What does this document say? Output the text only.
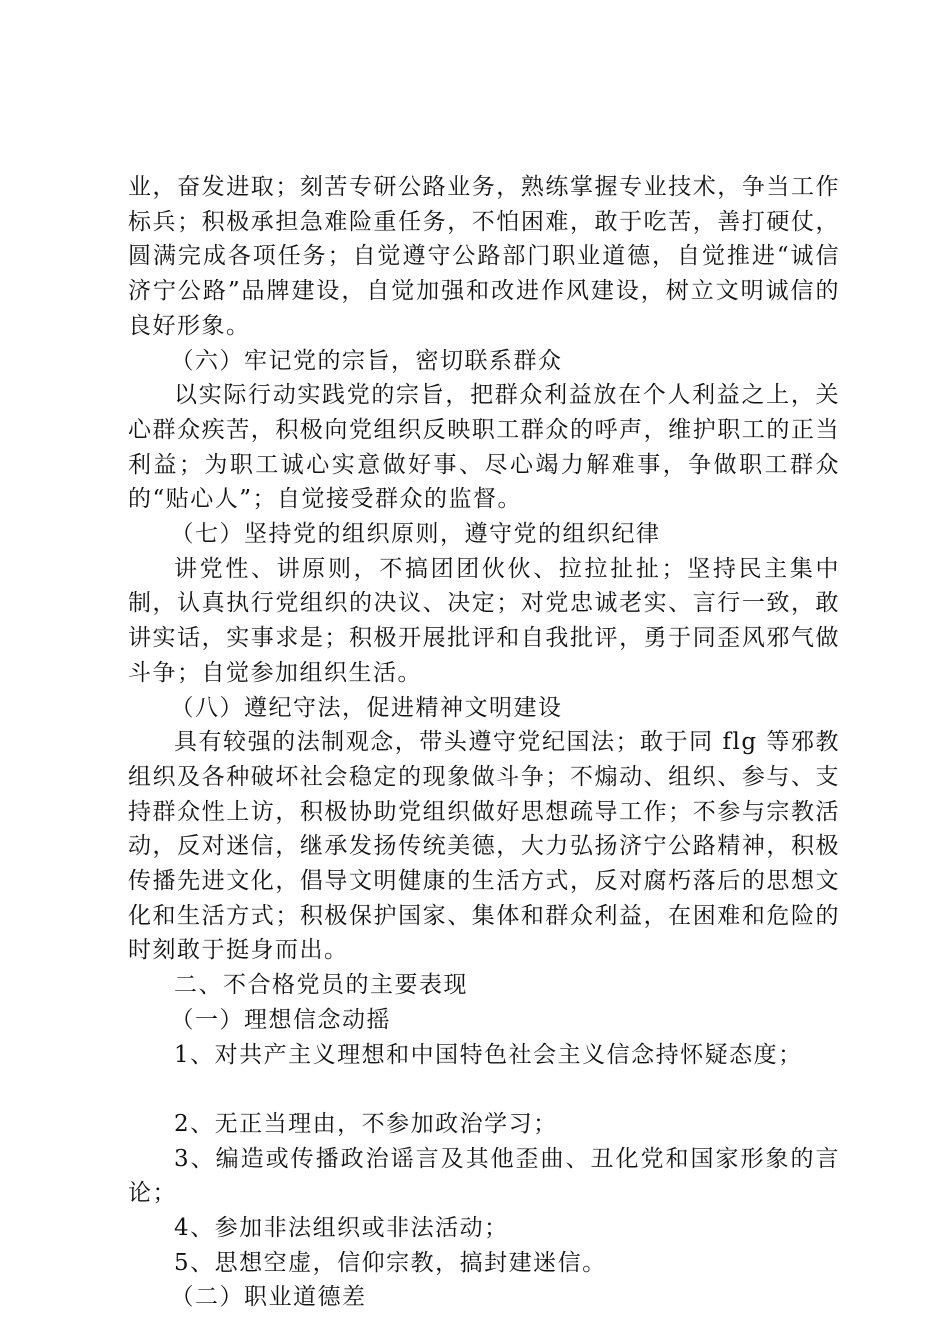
业，奋发进取；刻苦专研公路业务，熟练掌握专业技术，争当工作标兵；积极承担急难险重任务，不怕困难，敢于吃苦，善打硬仗，圆满完成各项任务；自觉遵守公路部门职业道德，自觉推进“诚信济宁公路”品牌建设，自觉加强和改进作风建设，树立文明诚信的良好形象。

（六）牢记党的宗旨，密切联系群众

以实际行动实践党的宗旨，把群众利益放在个人利益之上，关心群众疾苦，积极向党组织反映职工群众的呼声，维护职工的正当利益；为职工诚心实意做好事、尽心竭力解难事，争做职工群众的“贴心人”；自觉接受群众的监督。

（七）坚持党的组织原则，遵守党的组织纪律

讲党性、讲原则，不搞团团伙伙、拉拉扯扯；坚持民主集中制，认真执行党组织的决议、决定；对党忠诚老实、言行一致，敢讲实话，实事求是；积极开展批评和自我批评，勇于同歪风邪气做斗争；自觉参加组织生活。

（八）遵纪守法，促进精神文明建设

具有较强的法制观念，带头遵守党纪国法；敢于同 flg 等邪教组织及各种破坏社会稳定的现象做斗争；不煽动、组织、参与、支持群众性上访，积极协助党组织做好思想疏导工作；不参与宗教活动，反对迷信，继承发扬传统美德，大力弘扬济宁公路精神，积极传播先进文化，倡导文明健康的生活方式，反对腐朽落后的思想文化和生活方式；积极保护国家、集体和群众利益，在困难和危险的时刻敢于挺身而出。

二、不合格党员的主要表现

（一）理想信念动摇

1、对共产主义理想和中国特色社会主义信念持怀疑态度；

2、无正当理由，不参加政治学习；

3、编造或传播政治谣言及其他歪曲、丑化党和国家形象的言论；

4、参加非法组织或非法活动；

5、思想空虚，信仰宗教，搞封建迷信。

（二）职业道德差
